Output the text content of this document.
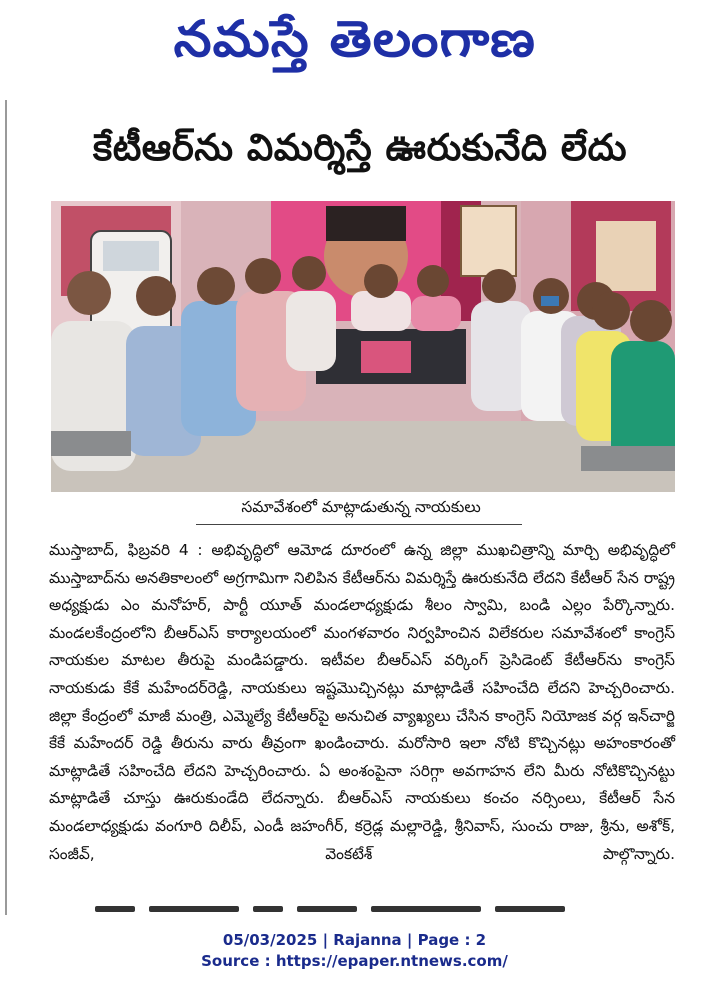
నమస్తే తెలంగాణ
కేటీఆర్‌ను విమర్శిస్తే ఊరుకునేది లేదు
సమావేశంలో మాట్లాడుతున్న నాయకులు

ముస్తాబాద్, ఫిబ్రవరి 4 : అభివృద్ధిలో ఆమోడ దూరంలో ఉన్న జిల్లా ముఖచిత్రాన్ని మార్చి అభివృద్ధిలో ముస్తాబాద్‌ను అనతికాలంలో అగ్రగామిగా నిలిపిన కేటీఆర్‌ను విమర్శిస్తే ఊరుకునేది లేదని కేటీఆర్ సేన రాష్ట్ర అధ్యక్షుడు ఎం మనోహర్, పార్టీ యూత్ మండలాధ్యక్షుడు శీలం స్వామి, బండి ఎల్లం పేర్కొన్నారు. మండలకేంద్రంలోని బీఆర్‌ఎస్ కార్యాలయంలో మంగళవారం నిర్వహించిన విలేకరుల సమావేశంలో కాంగ్రెస్ నాయకుల మాటల తీరుపై మండిపడ్డారు. ఇటీవల బీఆర్‌ఎస్ వర్కింగ్ ప్రెసిడెంట్ కేటీఆర్‌ను కాంగ్రెస్ నాయకుడు కేకే మహేందర్‌రెడ్డి, నాయకులు ఇష్టమొచ్చినట్లు మాట్లాడితే సహించేది లేదని హెచ్చరించారు. జిల్లా కేంద్రంలో మాజీ మంత్రి, ఎమ్మెల్యే కేటీఆర్‌పై అనుచిత వ్యాఖ్యలు చేసిన కాంగ్రెస్ నియోజక వర్గ ఇన్‌చార్జి కేకే మహేందర్ రెడ్డి తీరును వారు తీవ్రంగా ఖండించారు. మరోసారి ఇలా నోటి కొచ్చినట్లు అహంకారంతో మాట్లాడితే సహించేది లేదని హెచ్చరించారు. ఏ అంశంపైనా సరిగ్గా అవగాహన లేని మీరు నోటికొచ్చినట్టు మాట్లాడితే చూస్తు ఊరుకుండేది లేదన్నారు. బీఆర్‌ఎస్ నాయకులు కంచం నర్సింలు, కేటీఆర్ సేన మండలాధ్యక్షుడు వంగూరి దిలీప్, ఎండీ జహంగీర్, కర్రెడ్ల మల్లారెడ్డి, శ్రీనివాస్, సుంచు రాజు, శ్రీను, అశోక్, సంజీవ్, వెంకటేశ్ పాల్గొన్నారు.

05/03/2025 | Rajanna | Page : 2
Source : https://epaper.ntnews.com/
